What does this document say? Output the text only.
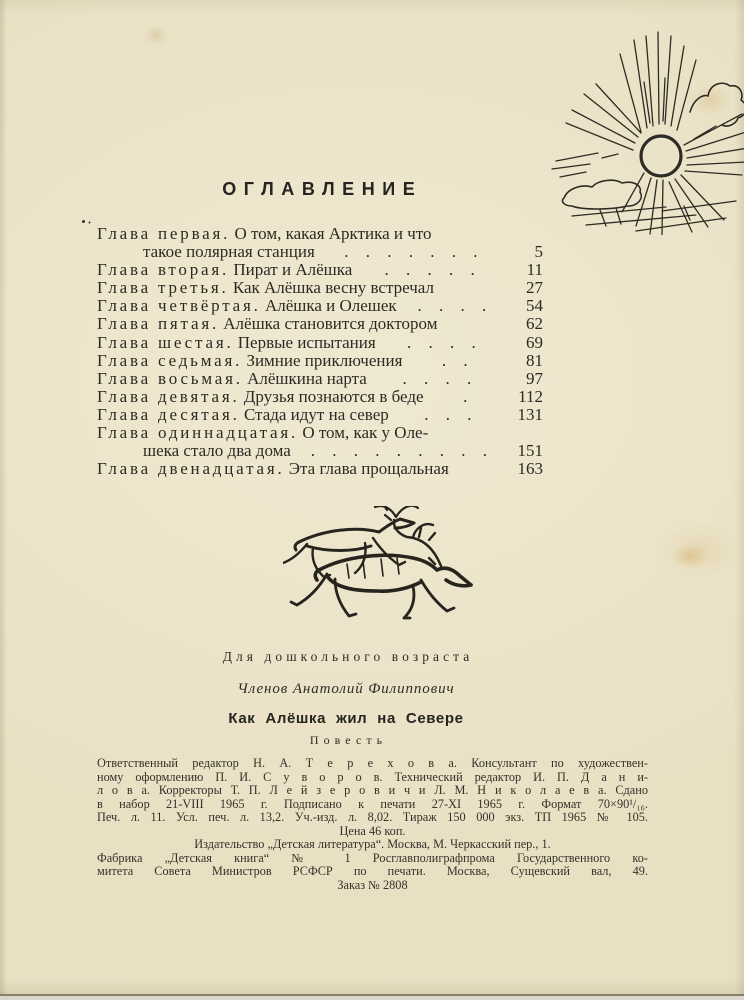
ОГЛАВЛЕНИЕ
Глава первая. О том, какая Арктика и что
такое полярная станция	. . . . . . .	5
Глава вторая. Пират и Алёшка	. . . . .	11
Глава третья. Как Алёшка весну встречал	27
Глава четвёртая. Алёшка и Олешек	. . . .	54
Глава пятая. Алёшка становится доктором	62
Глава шестая. Первые испытания	. . . .	69
Глава седьмая. Зимние приключения	. .	81
Глава восьмая. Алёшкина нарта	. . . .	97
Глава девятая. Друзья познаются в беде	.	112
Глава десятая. Стада идут на север	. . .	131
Глава одиннадцатая. О том, как у Оле-
шека стало два дома	. . . . . . . . .	151
Глава двенадцатая. Эта глава прощальная	163
Для дошкольного возраста
Членов Анатолий Филиппович
Как Алёшка жил на Севере
Повесть
Ответственный редактор Н. А. Т е р е х о в а. Консультант по художествен-
ному оформлению П. И. С у в о р о в. Технический редактор И. П. Д а н и-
л о в а. Корректоры Т. П. Л е й з е р о в и ч и Л. М. Н и к о л а е в а. Сдано
в набор 21-VIII 1965 г. Подписано к печати 27-XI 1965 г. Формат 70×90¹/₁₆.
Печ. л. 11. Усл. печ. л. 13,2. Уч.-изд. л. 8,02. Тираж 150 000 экз. ТП 1965 № 105.
Цена 46 коп.
Издательство „Детская литература“. Москва, М. Черкасский пер., 1.
Фабрика „Детская книга“ № 1 Росглавполиграфпрома Государственного ко-
митета Совета Министров РСФСР по печати. Москва, Сущевский вал, 49.
Заказ № 2808
